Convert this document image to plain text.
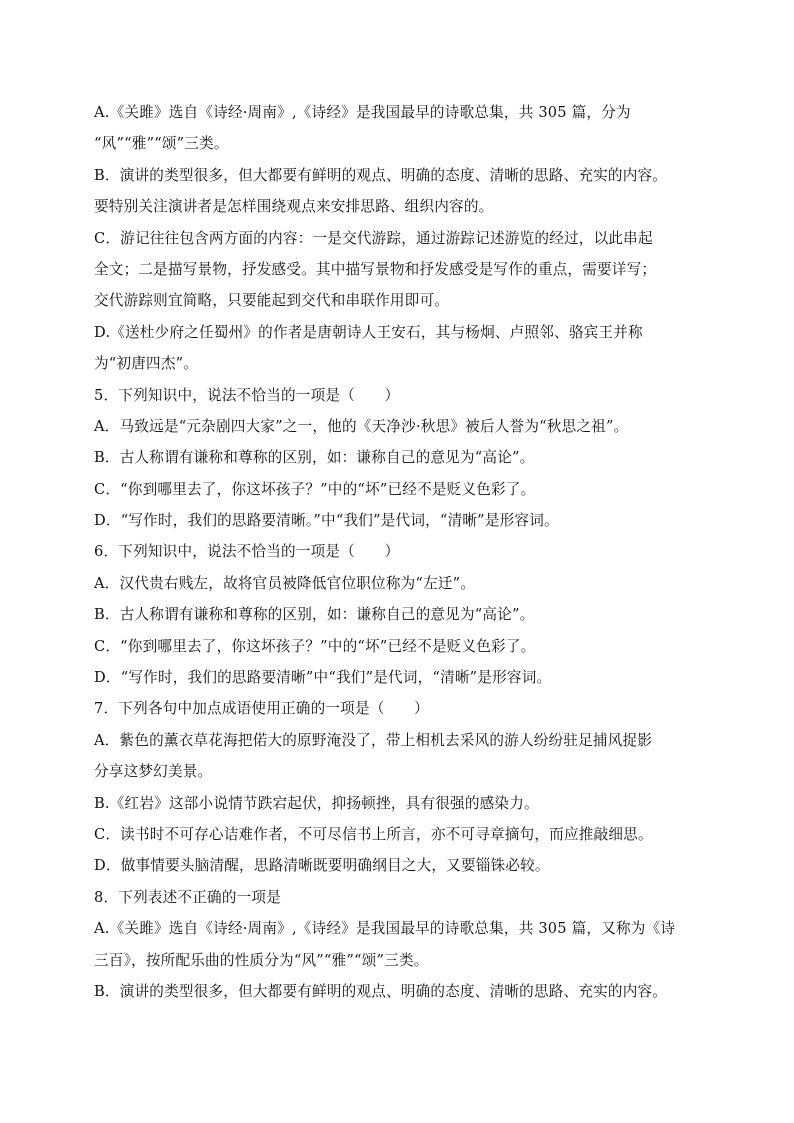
A.《关雎》选自《诗经·周南》,《诗经》是我国最早的诗歌总集，共 305 篇，分为
“风”“雅”“颂”三类。
B．演讲的类型很多，但大都要有鲜明的观点、明确的态度、清晰的思路、充实的内容。
要特别关注演讲者是怎样围绕观点来安排思路、组织内容的。
C．游记往往包含两方面的内容：一是交代游踪，通过游踪记述游览的经过，以此串起
全文；二是描写景物，抒发感受。其中描写景物和抒发感受是写作的重点，需要详写；
交代游踪则宜简略，只要能起到交代和串联作用即可。
D.《送杜少府之任蜀州》的作者是唐朝诗人王安石，其与杨炯、卢照邻、骆宾王并称
为“初唐四杰”。
5．下列知识中，说法不恰当的一项是（　　）
A．马致远是“元杂剧四大家”之一，他的《天净沙·秋思》被后人誉为“秋思之祖”。
B．古人称谓有谦称和尊称的区别，如：谦称自己的意见为“高论”。
C．“你到哪里去了，你这坏孩子？”中的“坏”已经不是贬义色彩了。
D．“写作时，我们的思路要清晰。”中“我们”是代词，“清晰”是形容词。
6．下列知识中，说法不恰当的一项是（　　）
A．汉代贵右贱左，故将官员被降低官位职位称为“左迁”。
B．古人称谓有谦称和尊称的区别，如：谦称自己的意见为“高论”。
C．“你到哪里去了，你这坏孩子？”中的“坏”已经不是贬义色彩了。
D．“写作时，我们的思路要清晰”中“我们”是代词，“清晰”是形容词。
7．下列各句中加点成语使用正确的一项是（　　）
A．紫色的薰衣草花海把偌大的原野淹没了，带上相机去采风的游人纷纷驻足捕风捉影
分享这梦幻美景。
B.《红岩》这部小说情节跌宕起伏，抑扬顿挫，具有很强的感染力。
C．读书时不可存心诘难作者，不可尽信书上所言，亦不可寻章摘句，而应推敲细思。
D．做事情要头脑清醒，思路清晰既要明确纲目之大，又要锱铢必较。
8．下列表述不正确的一项是
A.《关雎》选自《诗经·周南》,《诗经》是我国最早的诗歌总集，共 305 篇，又称为《诗
三百》，按所配乐曲的性质分为“风”“雅”“颂”三类。
B．演讲的类型很多，但大都要有鲜明的观点、明确的态度、清晰的思路、充实的内容。
